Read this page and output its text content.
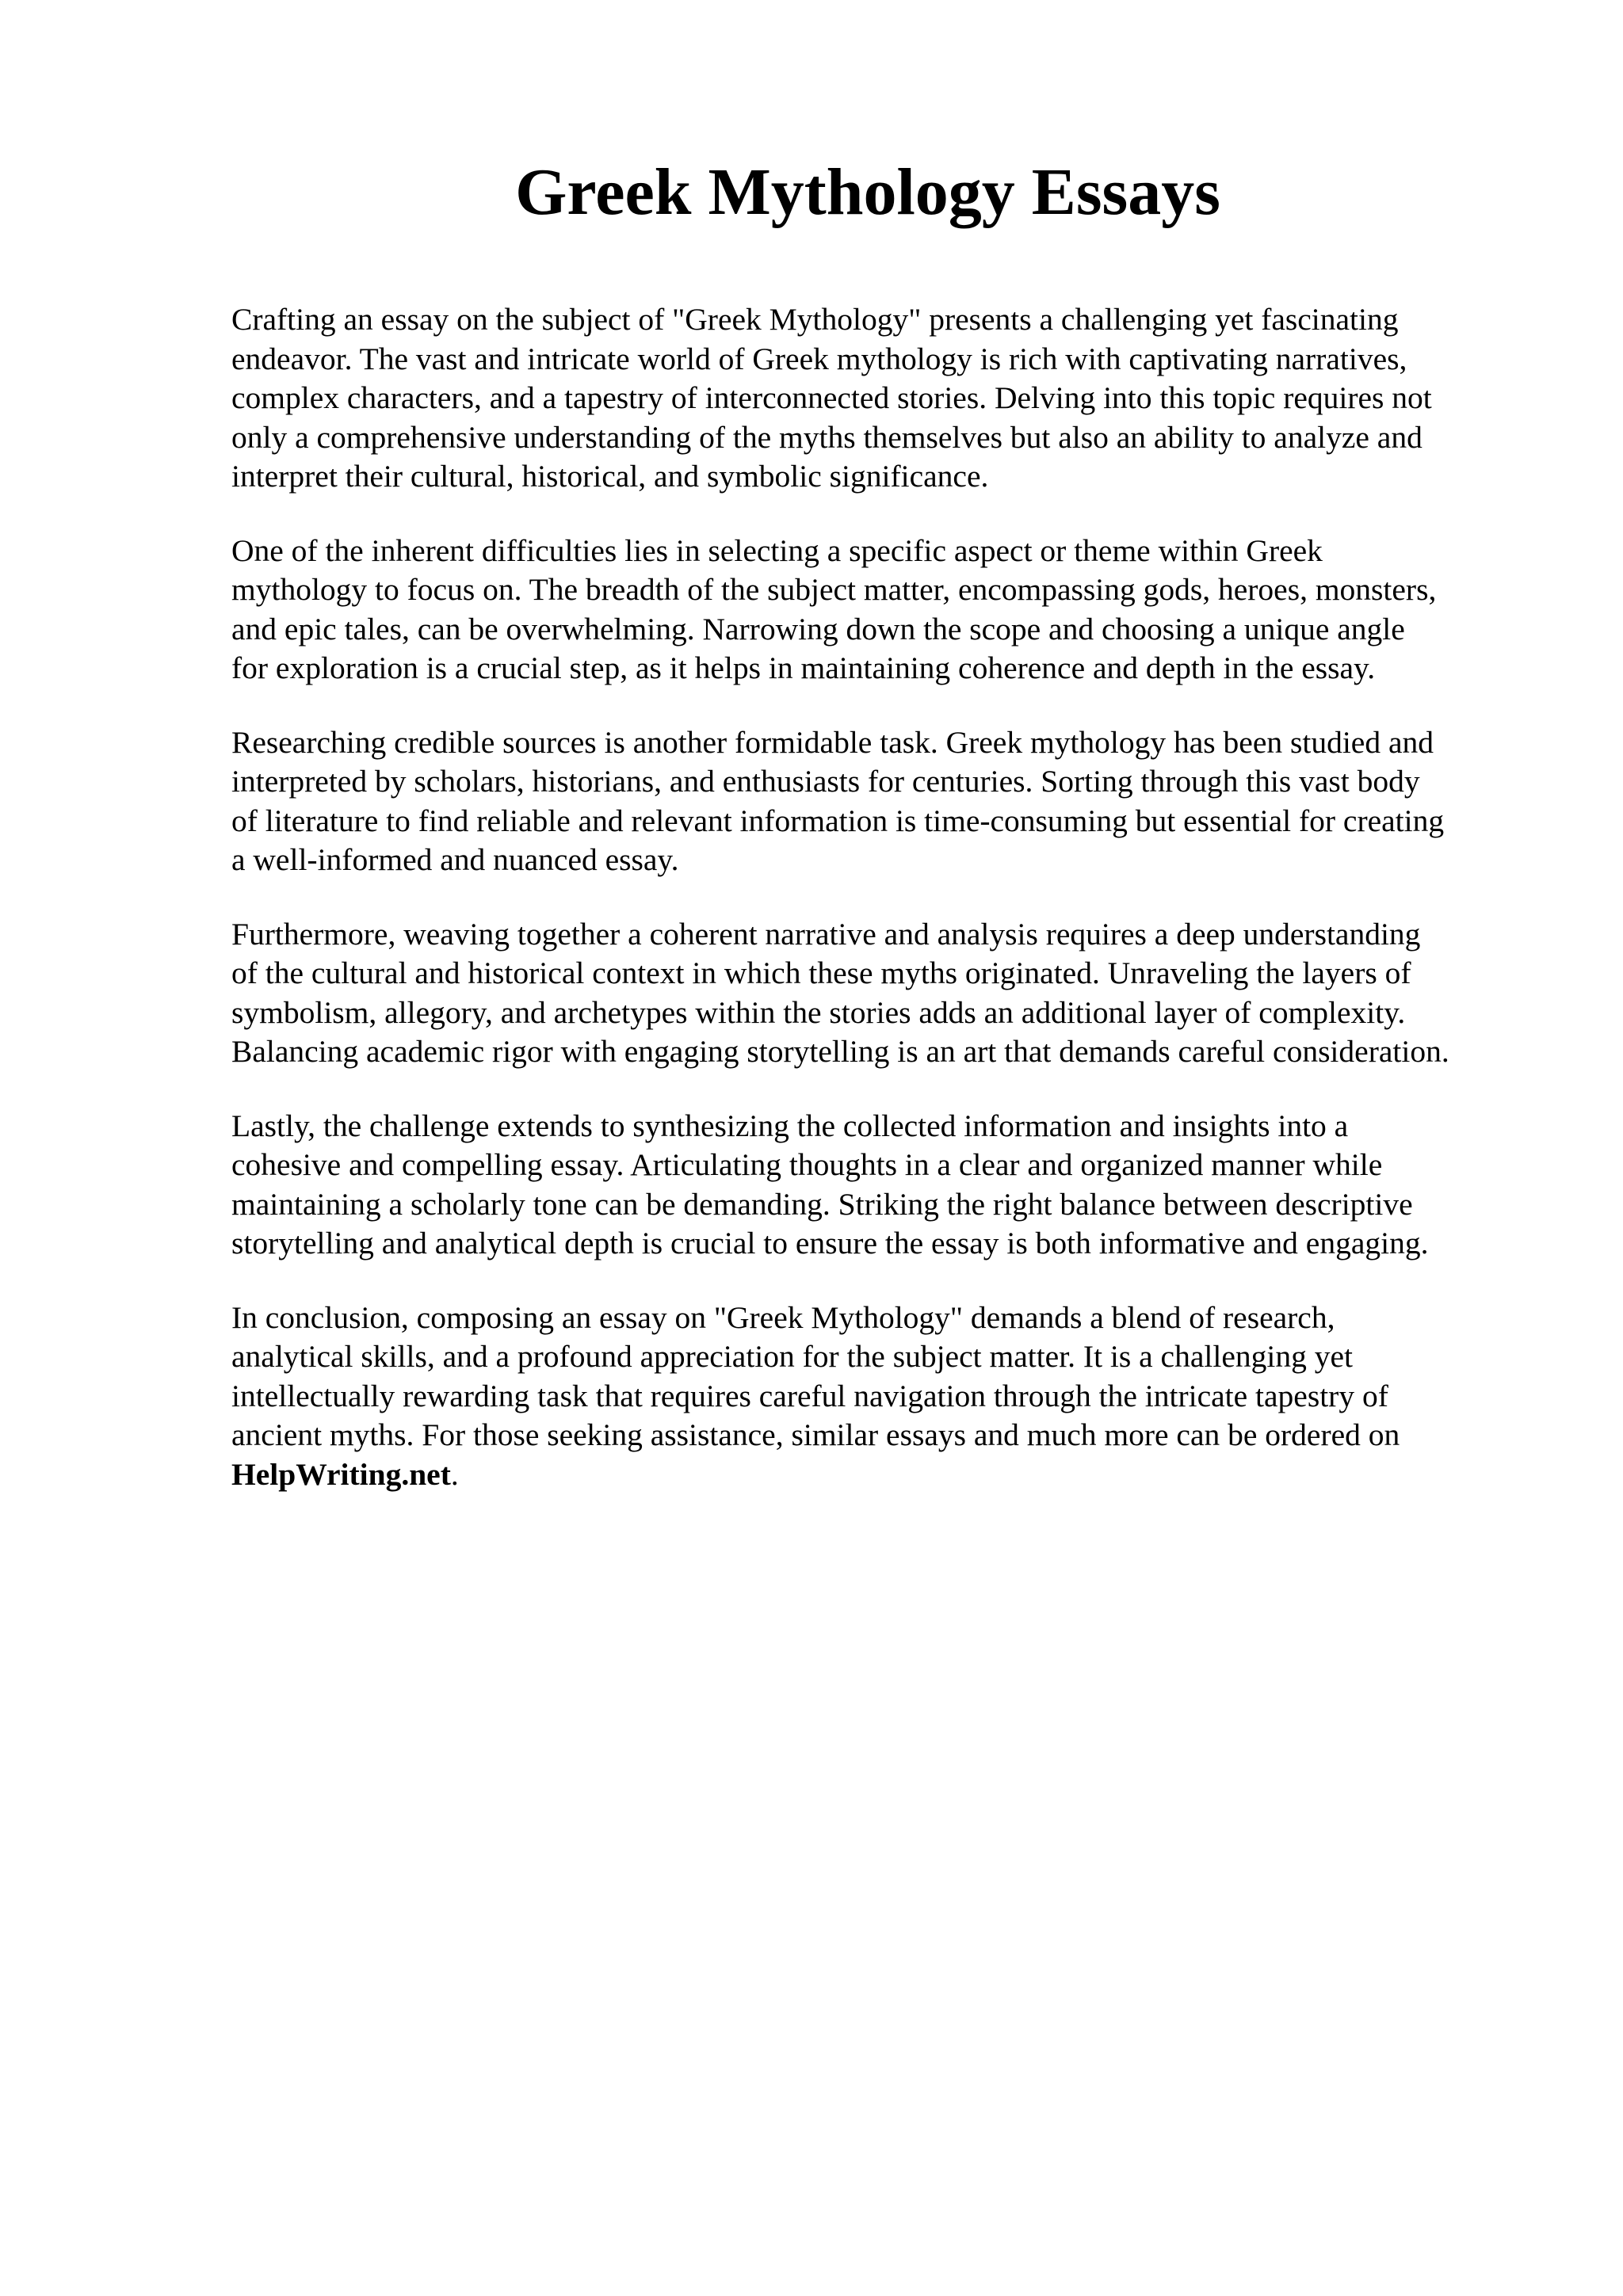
Greek Mythology Essays

Crafting an essay on the subject of "Greek Mythology" presents a challenging yet fascinating
endeavor. The vast and intricate world of Greek mythology is rich with captivating narratives,
complex characters, and a tapestry of interconnected stories. Delving into this topic requires not
only a comprehensive understanding of the myths themselves but also an ability to analyze and
interpret their cultural, historical, and symbolic significance.

One of the inherent difficulties lies in selecting a specific aspect or theme within Greek
mythology to focus on. The breadth of the subject matter, encompassing gods, heroes, monsters,
and epic tales, can be overwhelming. Narrowing down the scope and choosing a unique angle
for exploration is a crucial step, as it helps in maintaining coherence and depth in the essay.

Researching credible sources is another formidable task. Greek mythology has been studied and
interpreted by scholars, historians, and enthusiasts for centuries. Sorting through this vast body
of literature to find reliable and relevant information is time-consuming but essential for creating
a well-informed and nuanced essay.

Furthermore, weaving together a coherent narrative and analysis requires a deep understanding
of the cultural and historical context in which these myths originated. Unraveling the layers of
symbolism, allegory, and archetypes within the stories adds an additional layer of complexity.
Balancing academic rigor with engaging storytelling is an art that demands careful consideration.

Lastly, the challenge extends to synthesizing the collected information and insights into a
cohesive and compelling essay. Articulating thoughts in a clear and organized manner while
maintaining a scholarly tone can be demanding. Striking the right balance between descriptive
storytelling and analytical depth is crucial to ensure the essay is both informative and engaging.

In conclusion, composing an essay on "Greek Mythology" demands a blend of research,
analytical skills, and a profound appreciation for the subject matter. It is a challenging yet
intellectually rewarding task that requires careful navigation through the intricate tapestry of
ancient myths. For those seeking assistance, similar essays and much more can be ordered on
HelpWriting.net.
